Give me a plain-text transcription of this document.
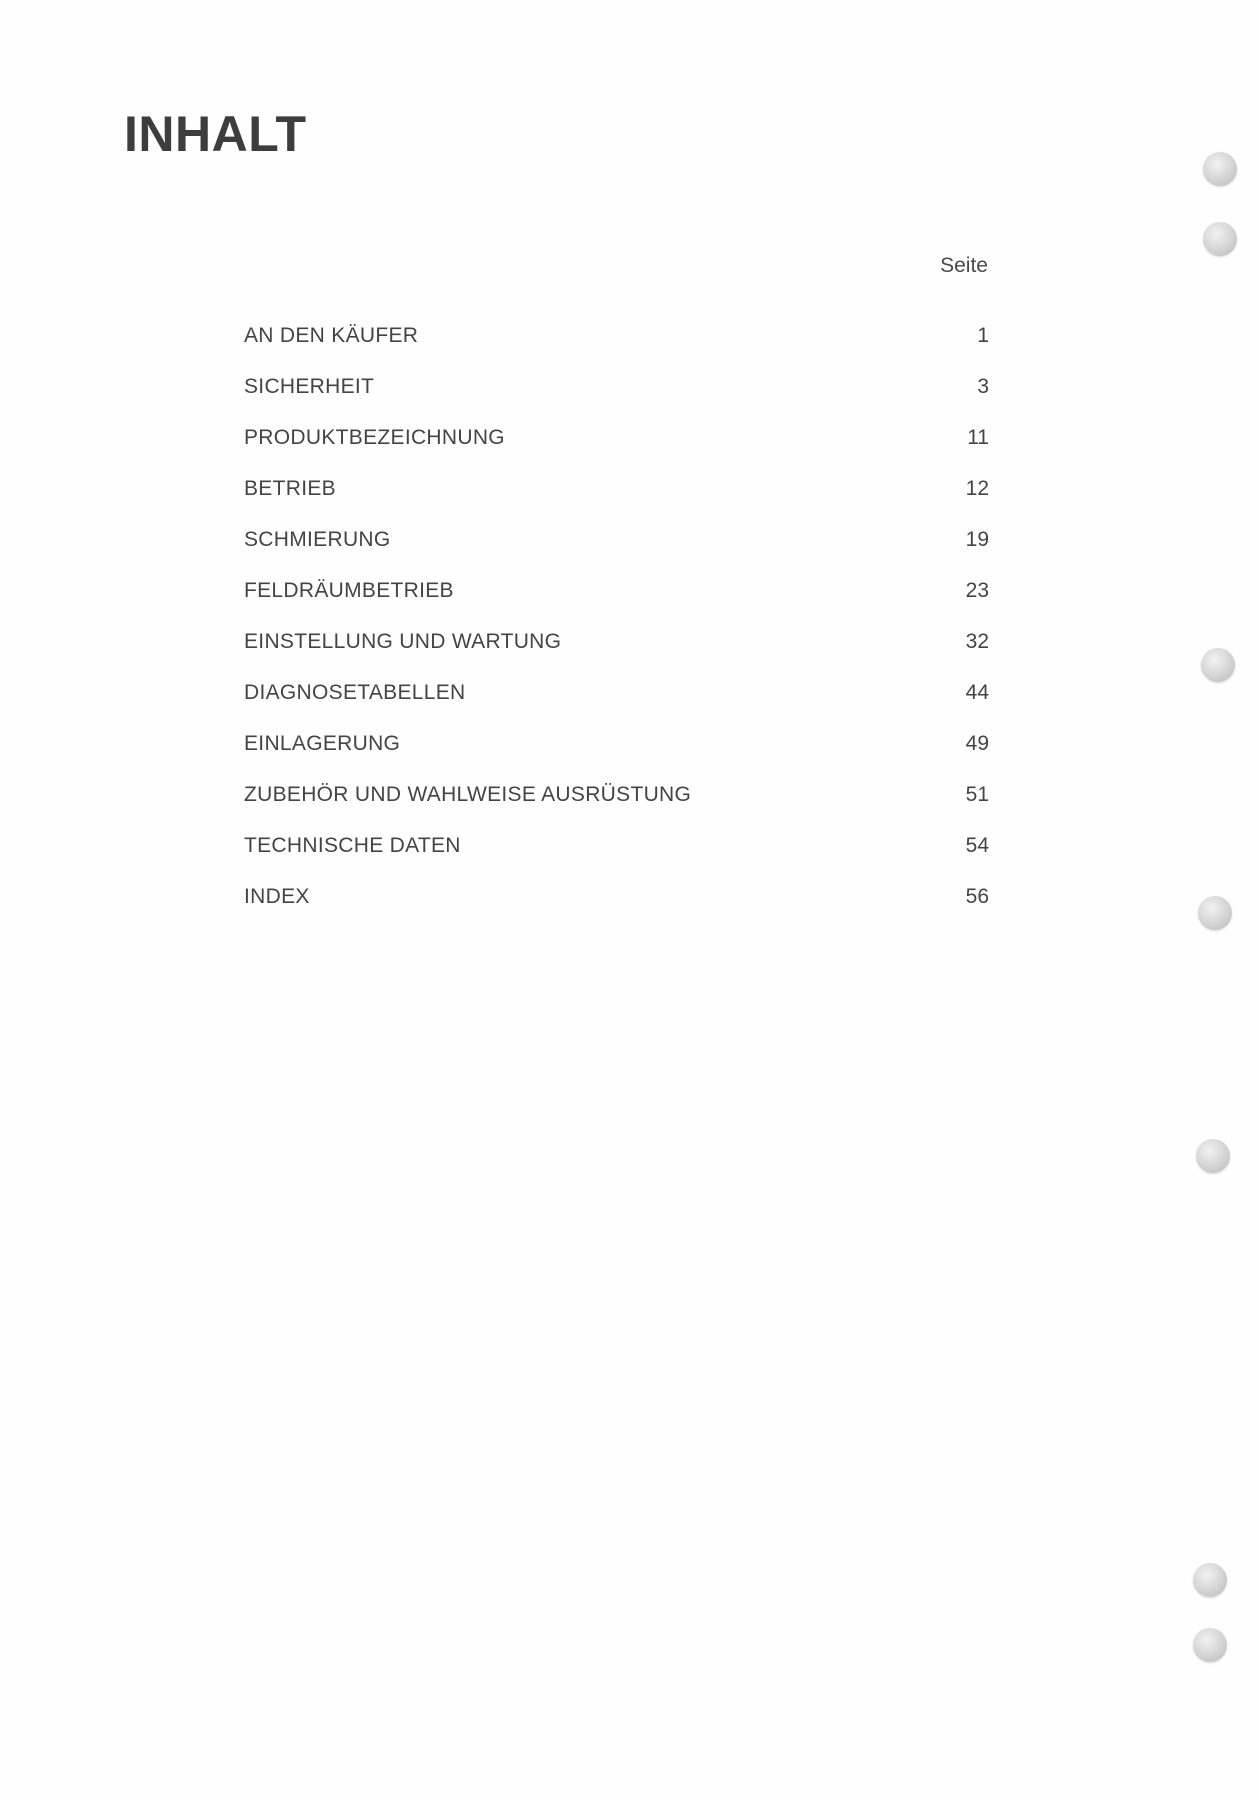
INHALT
Seite
AN DEN KÄUFER	1
SICHERHEIT	3
PRODUKTBEZEICHNUNG	11
BETRIEB	12
SCHMIERUNG	19
FELDRÄUMBETRIEB	23
EINSTELLUNG UND WARTUNG	32
DIAGNOSETABELLEN	44
EINLAGERUNG	49
ZUBEHÖR UND WAHLWEISE AUSRÜSTUNG	51
TECHNISCHE DATEN	54
INDEX	56
